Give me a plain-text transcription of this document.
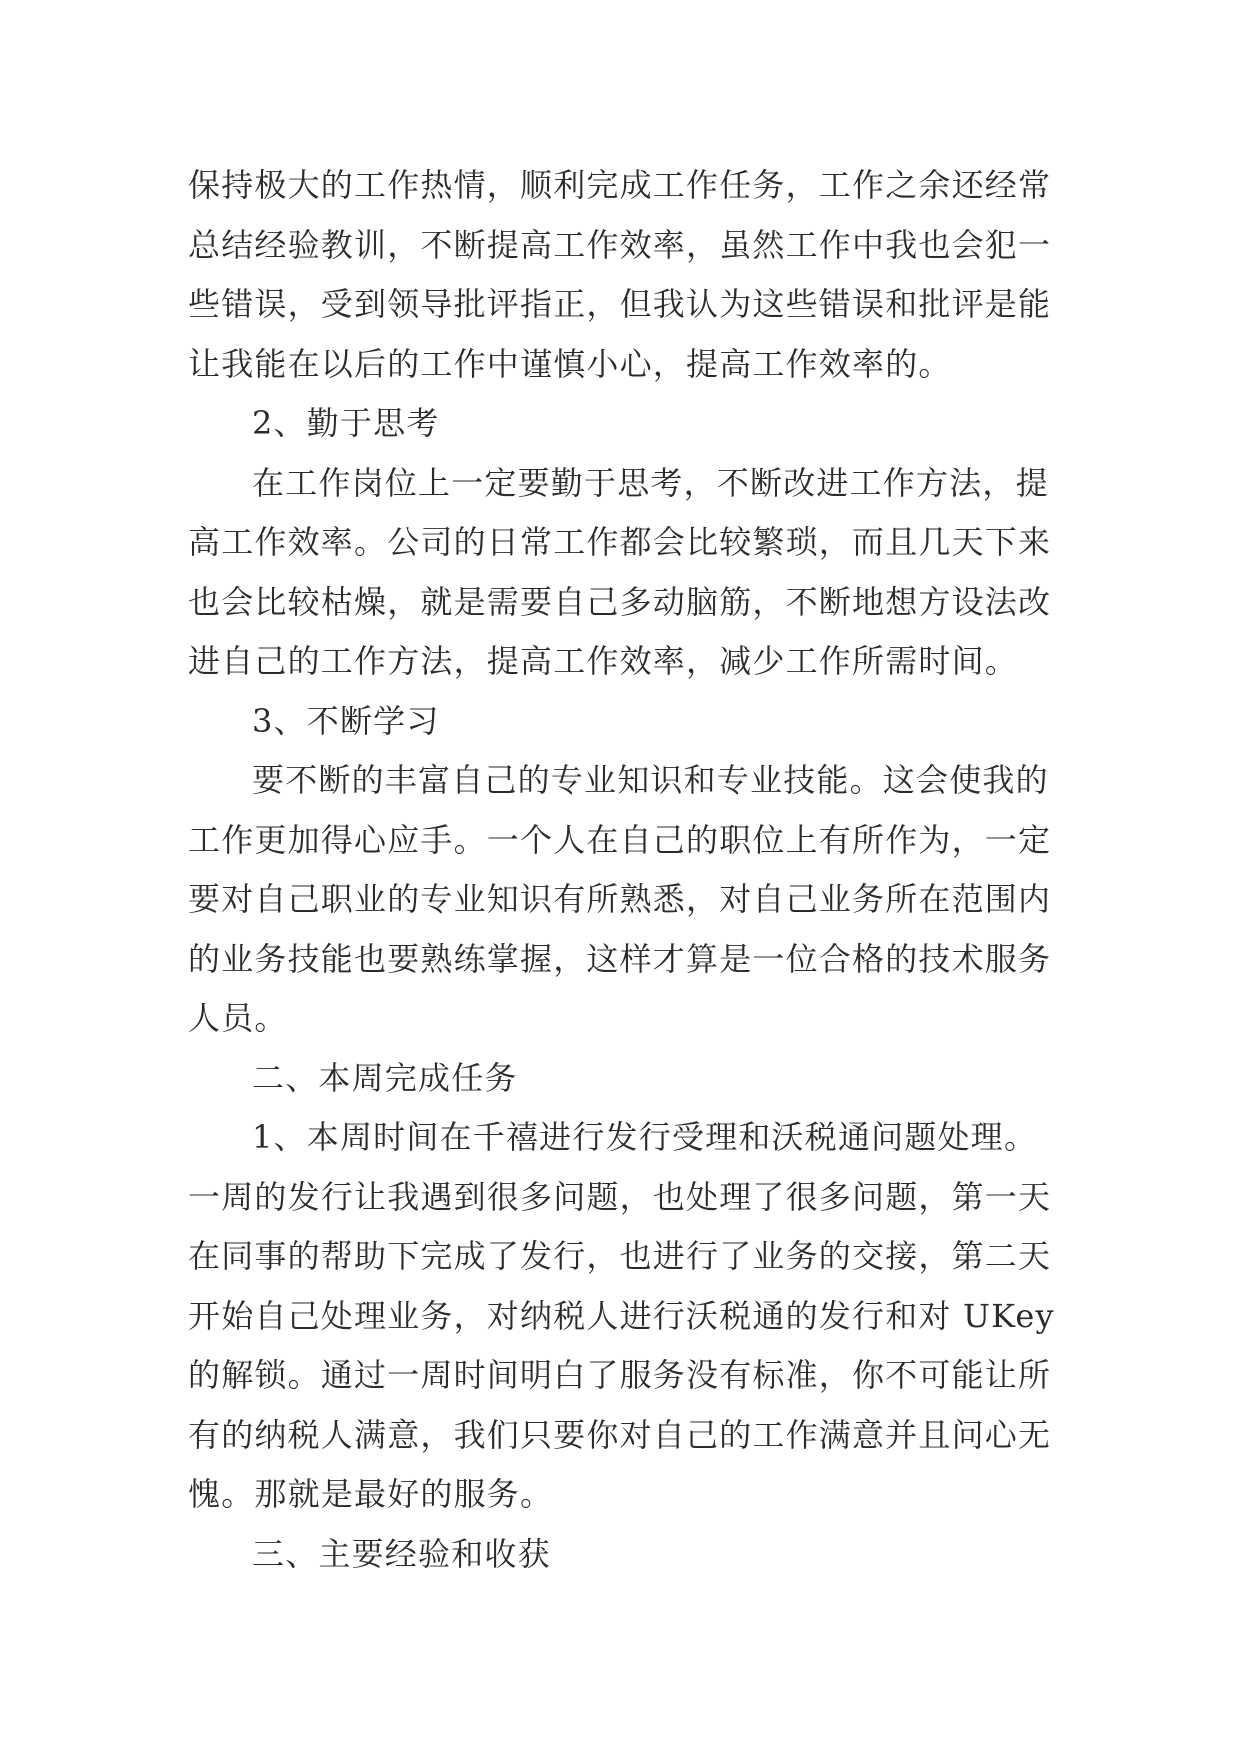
保持极大的工作热情，顺利完成工作任务，工作之余还经常
总结经验教训，不断提高工作效率，虽然工作中我也会犯一
些错误，受到领导批评指正，但我认为这些错误和批评是能
让我能在以后的工作中谨慎小心，提高工作效率的。
2、勤于思考
在工作岗位上一定要勤于思考，不断改进工作方法，提
高工作效率。公司的日常工作都会比较繁琐，而且几天下来
也会比较枯燥，就是需要自己多动脑筋，不断地想方设法改
进自己的工作方法，提高工作效率，减少工作所需时间。
3、不断学习
要不断的丰富自己的专业知识和专业技能。这会使我的
工作更加得心应手。一个人在自己的职位上有所作为，一定
要对自己职业的专业知识有所熟悉，对自己业务所在范围内
的业务技能也要熟练掌握，这样才算是一位合格的技术服务
人员。
二、本周完成任务
1、本周时间在千禧进行发行受理和沃税通问题处理。
一周的发行让我遇到很多问题，也处理了很多问题，第一天
在同事的帮助下完成了发行，也进行了业务的交接，第二天
开始自己处理业务，对纳税人进行沃税通的发行和对 UKey
的解锁。通过一周时间明白了服务没有标准，你不可能让所
有的纳税人满意，我们只要你对自己的工作满意并且问心无
愧。那就是最好的服务。
三、主要经验和收获
